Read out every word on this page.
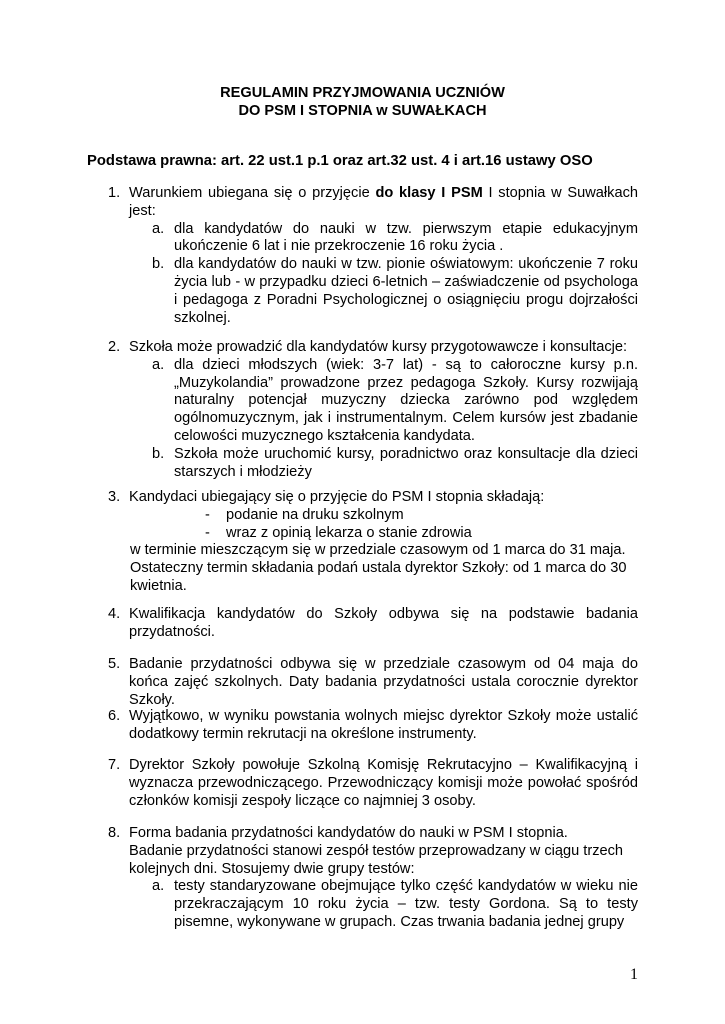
REGULAMIN PRZYJMOWANIA UCZNIÓW
DO PSM I STOPNIA w SUWAŁKACH
Podstawa prawna: art. 22 ust.1 p.1 oraz art.32 ust. 4 i art.16 ustawy OSO
1. Warunkiem ubiegana się o przyjęcie do klasy I PSM I stopnia w Suwałkach jest:
a. dla kandydatów do nauki w tzw. pierwszym etapie edukacyjnym ukończenie 6 lat i nie przekroczenie 16 roku życia .
b. dla kandydatów do nauki w tzw. pionie oświatowym: ukończenie 7 roku życia lub - w przypadku dzieci 6-letnich – zaświadczenie od psychologa i pedagoga z Poradni Psychologicznej o osiągnięciu progu dojrzałości szkolnej.
2. Szkoła może prowadzić dla kandydatów kursy przygotowawcze i konsultacje:
a. dla dzieci młodszych (wiek: 3-7 lat) - są to całoroczne kursy p.n. „Muzykolandia” prowadzone przez pedagoga Szkoły. Kursy rozwijają naturalny potencjał muzyczny dziecka zarówno pod względem ogólnomuzycznym, jak i instrumentalnym. Celem kursów jest zbadanie celowości muzycznego kształcenia kandydata.
b. Szkoła może uruchomić kursy, poradnictwo oraz konsultacje dla dzieci starszych i młodzieży
3. Kandydaci ubiegający się o przyjęcie do PSM I stopnia składają:
- podanie na druku szkolnym
- wraz z opinią lekarza o stanie zdrowia
w terminie mieszczącym się w przedziale czasowym od 1 marca do 31 maja.
Ostateczny termin składania podań ustala dyrektor Szkoły: od 1 marca do 30 kwietnia.
4. Kwalifikacja kandydatów do Szkoły odbywa się na podstawie badania przydatności.
5. Badanie przydatności odbywa się w przedziale czasowym od 04 maja do końca zajęć szkolnych. Daty badania przydatności ustala corocznie dyrektor Szkoły.
6. Wyjątkowo, w wyniku powstania wolnych miejsc dyrektor Szkoły może ustalić dodatkowy termin rekrutacji na określone instrumenty.
7. Dyrektor Szkoły powołuje Szkolną Komisję Rekrutacyjno – Kwalifikacyjną i wyznacza przewodniczącego. Przewodniczący komisji może powołać spośród członków komisji zespoły liczące co najmniej 3 osoby.
8. Forma badania przydatności kandydatów do nauki w PSM I stopnia.
Badanie przydatności stanowi zespół testów przeprowadzany w ciągu trzech kolejnych dni. Stosujemy dwie grupy testów:
a. testy standaryzowane obejmujące tylko część kandydatów w wieku nie przekraczającym 10 roku życia – tzw. testy Gordona. Są to testy pisemne, wykonywane w grupach. Czas trwania badania jednej grupy
1
